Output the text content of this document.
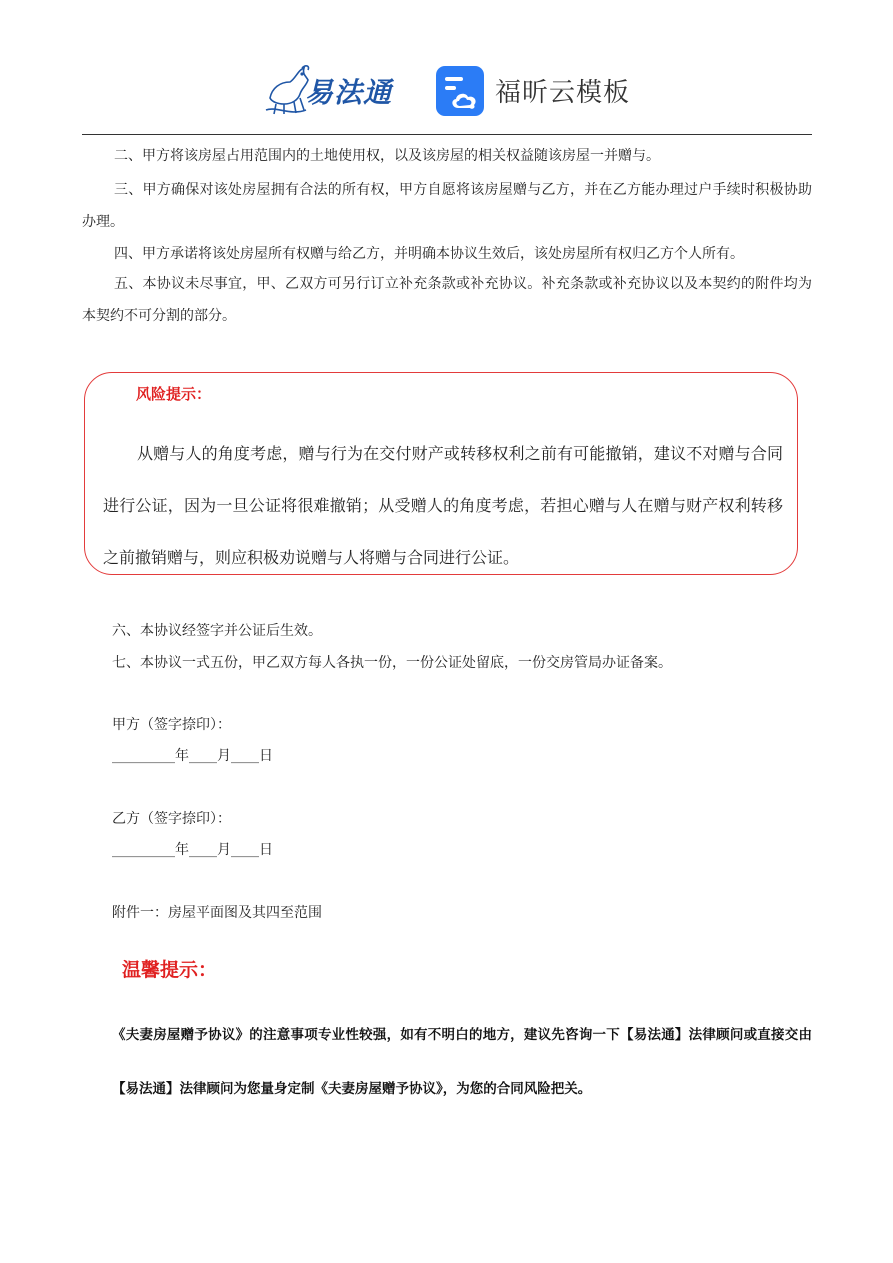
易法通	福昕云模板
二、甲方将该房屋占用范围内的土地使用权，以及该房屋的相关权益随该房屋一并赠与。
三、甲方确保对该处房屋拥有合法的所有权，甲方自愿将该房屋赠与乙方，并在乙方能办理过户手续时积极协助办理。
四、甲方承诺将该处房屋所有权赠与给乙方，并明确本协议生效后，该处房屋所有权归乙方个人所有。
五、本协议未尽事宜，甲、乙双方可另行订立补充条款或补充协议。补充条款或补充协议以及本契约的附件均为本契约不可分割的部分。
风险提示：
从赠与人的角度考虑，赠与行为在交付财产或转移权利之前有可能撤销，建议不对赠与合同进行公证，因为一旦公证将很难撤销；从受赠人的角度考虑，若担心赠与人在赠与财产权利转移之前撤销赠与，则应积极劝说赠与人将赠与合同进行公证。
六、本协议经签字并公证后生效。
七、本协议一式五份，甲乙双方每人各执一份，一份公证处留底，一份交房管局办证备案。
甲方（签字捺印）：
_________年____月____日
乙方（签字捺印）：
_________年____月____日
附件一：房屋平面图及其四至范围
温馨提示：
《夫妻房屋赠予协议》的注意事项专业性较强，如有不明白的地方，建议先咨询一下【易法通】法律顾问或直接交由【易法通】法律顾问为您量身定制《夫妻房屋赠予协议》，为您的合同风险把关。
